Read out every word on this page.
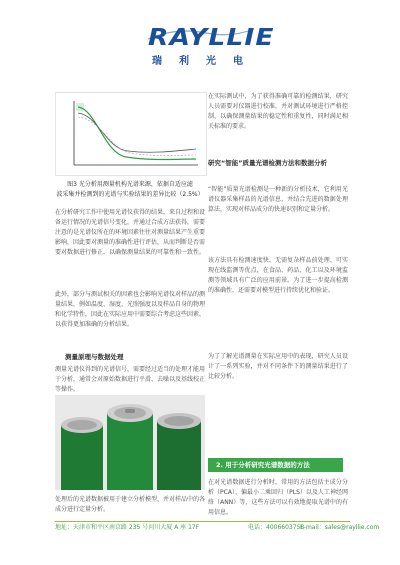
RAYLLIE
瑞利光电

图3 光分析用测量机构光谱来源，依据自适应滤
波采集并检测到的光谱与实验结果的差异比较（2.5%）

在分析研究工作中使用光谱仪获得的结果，来自过程和设备运行情况的光谱信号变化，并通过合成方法获得，需要注意的是光谱仪所在的环境因素往往对测量结果产生重要影响，因此要对测量的准确性进行评估，从而判断是否需要对数据进行修正，以确保测量结果的可靠性和一致性。

此外，部分与测试相关的因素也会影响光谱仪对样品的测量结果，例如温度、湿度、光照强度以及样品自身的物理和化学特性，因此在实际应用中需要综合考虑这些因素，以获得更加准确的分析结果。

测量原理与数据处理

测量光谱仪得到的光谱信号，需要经过适当的处理才能用于分析，通常会对原始数据进行平滑、去噪以及基线校正等操作。

处理后的光谱数据被用于建立分析模型，并对样品中的各成分进行定量分析。

在实际测试中，为了获得准确可靠的检测结果，研究人员需要对仪器进行校准，并对测试环境进行严格控制，以确保测量结果的稳定性和重复性，同时满足相关标准的要求。

研究“智能”质量光谱检测方法和数据分析

“智能”质量光谱检测是一种新的分析技术，它利用光谱仪器采集样品的光谱信息，并结合先进的数据处理算法，实现对样品成分的快速识别和定量分析。

该方法具有检测速度快、无需复杂样品前处理、可实现在线监测等优点，在食品、药品、化工以及环境监测等领域具有广泛的应用前景。为了进一步提高检测的准确性，还需要对模型进行持续优化和验证。

为了了解光谱测量在实际应用中的表现，研究人员设计了一系列实验，并对不同条件下的测量结果进行了比较分析。

2. 用于分析研究光谱数据的方法

在对光谱数据进行分析时，常用的方法包括主成分分析（PCA）、偏最小二乘回归（PLS）以及人工神经网络（ANN）等，这些方法可以有效地提取光谱中的有用信息。

地址：天津市和平区南京路 235 号河川大厦 A 座 17F	电话：4006603758
E-mail：sales@rayllie.com
